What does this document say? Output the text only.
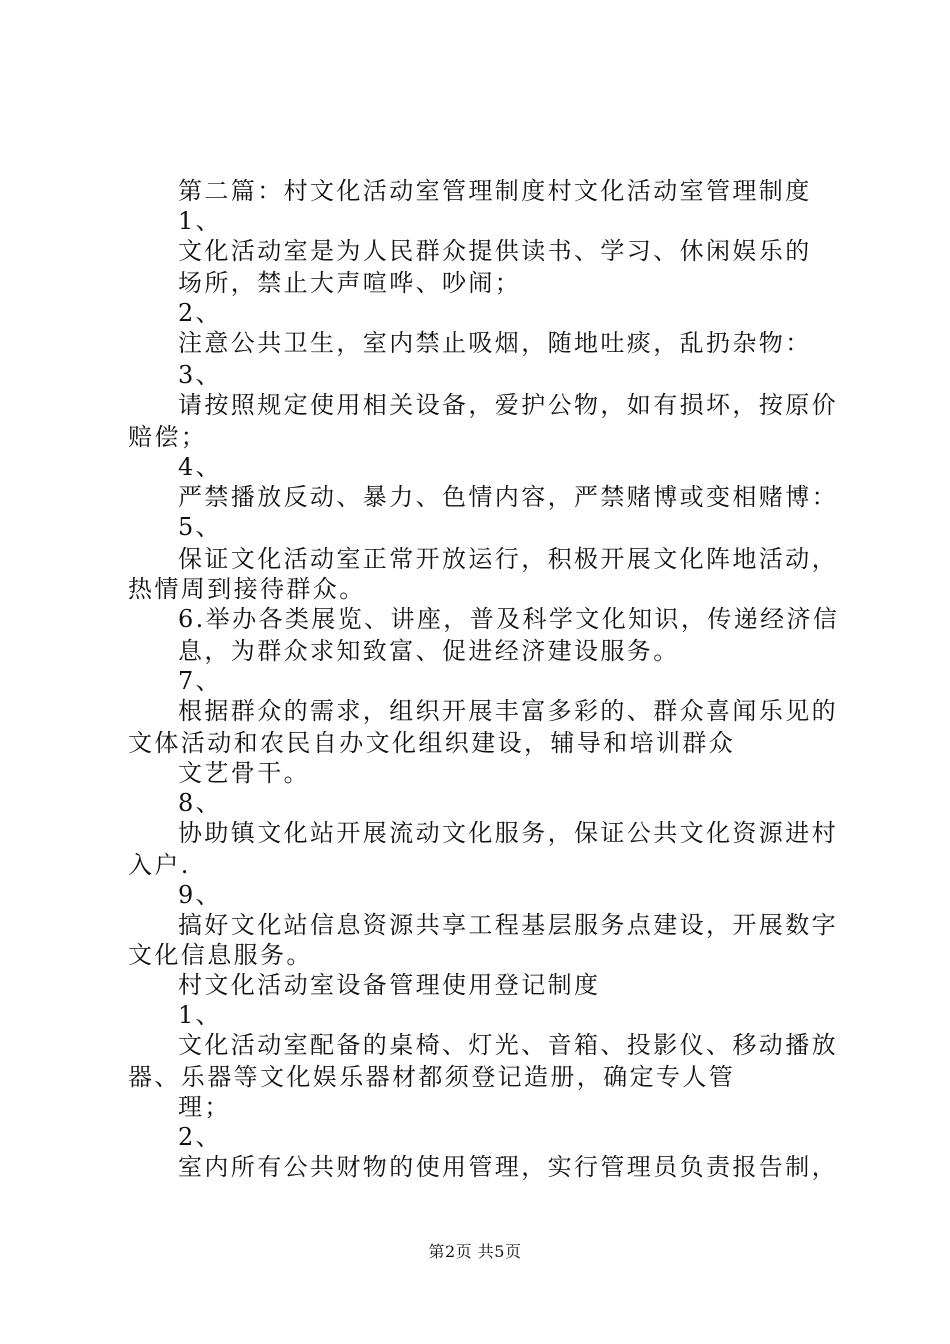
第二篇：村文化活动室管理制度村文化活动室管理制度

1、

文化活动室是为人民群众提供读书、学习、休闲娱乐的

场所，禁止大声喧哗、吵闹；

2、

注意公共卫生，室内禁止吸烟，随地吐痰，乱扔杂物：

3、

请按照规定使用相关设备，爱护公物，如有损坏，按原价

赔偿；

4、

严禁播放反动、暴力、色情内容，严禁赌博或变相赌博：

5、

保证文化活动室正常开放运行，积极开展文化阵地活动，

热情周到接待群众。

6.举办各类展览、讲座，普及科学文化知识，传递经济信

息，为群众求知致富、促进经济建设服务。

7、

根据群众的需求，组织开展丰富多彩的、群众喜闻乐见的

文体活动和农民自办文化组织建设，辅导和培训群众

文艺骨干。

8、

协助镇文化站开展流动文化服务，保证公共文化资源进村

入户.

9、

搞好文化站信息资源共享工程基层服务点建设，开展数字

文化信息服务。

村文化活动室设备管理使用登记制度

1、

文化活动室配备的桌椅、灯光、音箱、投影仪、移动播放

器、乐器等文化娱乐器材都须登记造册，确定专人管

理；

2、

室内所有公共财物的使用管理，实行管理员负责报告制，

第2页 共5页
